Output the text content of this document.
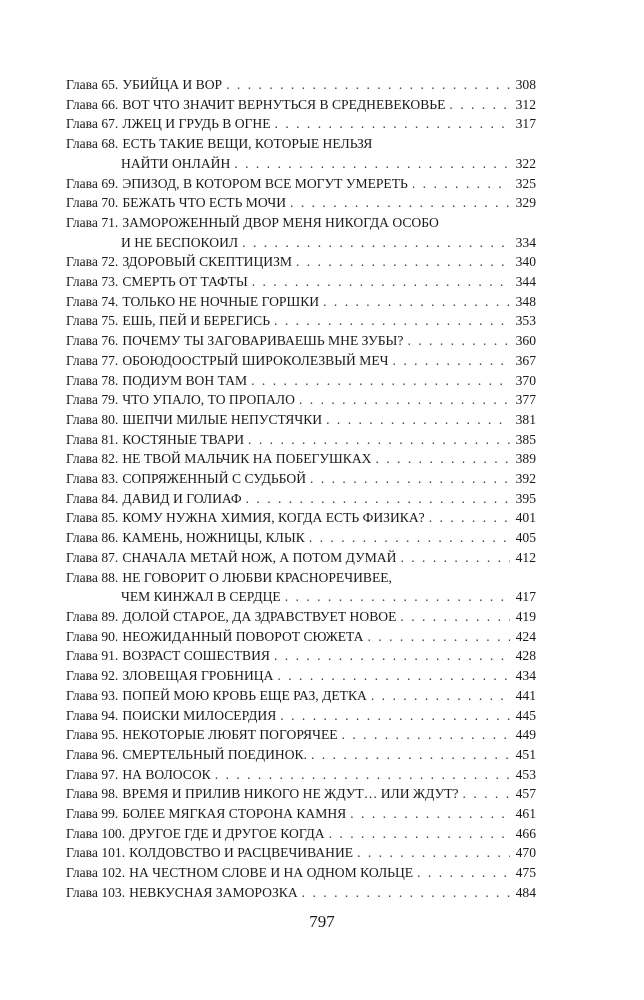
Глава 65. УБИЙЦА И ВОР . . .	308
Глава 66. ВОТ ЧТО ЗНАЧИТ ВЕРНУТЬСЯ В СРЕДНЕВЕКОВЬЕ . . .	312
Глава 67. ЛЖЕЦ И ГРУДЬ В ОГНЕ . . .	317
Глава 68. ЕСТЬ ТАКИЕ ВЕЩИ, КОТОРЫЕ НЕЛЬЗЯ
НАЙТИ ОНЛАЙН . . .	322
Глава 69. ЭПИЗОД, В КОТОРОМ ВСЕ МОГУТ УМЕРЕТЬ . . .	325
Глава 70. БЕЖАТЬ ЧТО ЕСТЬ МОЧИ . . .	329
Глава 71. ЗАМОРОЖЕННЫЙ ДВОР МЕНЯ НИКОГДА ОСОБО
И НЕ БЕСПОКОИЛ . . .	334
Глава 72. ЗДОРОВЫЙ СКЕПТИЦИЗМ . . .	340
Глава 73. СМЕРТЬ ОТ ТАФТЫ . . .	344
Глава 74. ТОЛЬКО НЕ НОЧНЫЕ ГОРШКИ . . .	348
Глава 75. ЕШЬ, ПЕЙ И БЕРЕГИСЬ . . .	353
Глава 76. ПОЧЕМУ ТЫ ЗАГОВАРИВАЕШЬ МНЕ ЗУБЫ? . . .	360
Глава 77. ОБОЮДООСТРЫЙ ШИРОКОЛЕЗВЫЙ МЕЧ . . .	367
Глава 78. ПОДИУМ ВОН ТАМ . . .	370
Глава 79. ЧТО УПАЛО, ТО ПРОПАЛО . . .	377
Глава 80. ШЕПЧИ МИЛЫЕ НЕПУСТЯЧКИ . . .	381
Глава 81. КОСТЯНЫЕ ТВАРИ . . .	385
Глава 82. НЕ ТВОЙ МАЛЬЧИК НА ПОБЕГУШКАХ . . .	389
Глава 83. СОПРЯЖЕННЫЙ С СУДЬБОЙ . . .	392
Глава 84. ДАВИД И ГОЛИАФ . . .	395
Глава 85. КОМУ НУЖНА ХИМИЯ, КОГДА ЕСТЬ ФИЗИКА? . . .	401
Глава 86. КАМЕНЬ, НОЖНИЦЫ, КЛЫК . . .	405
Глава 87. СНАЧАЛА МЕТАЙ НОЖ, А ПОТОМ ДУМАЙ . . .	412
Глава 88. НЕ ГОВОРИТ О ЛЮБВИ КРАСНОРЕЧИВЕЕ,
ЧЕМ КИНЖАЛ В СЕРДЦЕ . . .	417
Глава 89. ДОЛОЙ СТАРОЕ, ДА ЗДРАВСТВУЕТ НОВОЕ . . .	419
Глава 90. НЕОЖИДАННЫЙ ПОВОРОТ СЮЖЕТА . . .	424
Глава 91. ВОЗРАСТ СОШЕСТВИЯ . . .	428
Глава 92. ЗЛОВЕЩАЯ ГРОБНИЦА . . .	434
Глава 93. ПОПЕЙ МОЮ КРОВЬ ЕЩЕ РАЗ, ДЕТКА . . .	441
Глава 94. ПОИСКИ МИЛОСЕРДИЯ . . .	445
Глава 95. НЕКОТОРЫЕ ЛЮБЯТ ПОГОРЯЧЕЕ . . .	449
Глава 96. СМЕРТЕЛЬНЫЙ ПОЕДИНОК. . . .	451
Глава 97. НА ВОЛОСОК . . .	453
Глава 98. ВРЕМЯ И ПРИЛИВ НИКОГО НЕ ЖДУТ… ИЛИ ЖДУТ? . . .	457
Глава 99. БОЛЕЕ МЯГКАЯ СТОРОНА КАМНЯ . . .	461
Глава 100. ДРУГОЕ ГДЕ И ДРУГОЕ КОГДА . . .	466
Глава 101. КОЛДОВСТВО И РАСЦВЕЧИВАНИЕ . . .	470
Глава 102. НА ЧЕСТНОМ СЛОВЕ И НА ОДНОМ КОЛЬЦЕ . . .	475
Глава 103. НЕВКУСНАЯ ЗАМОРОЗКА . . .	484
797
